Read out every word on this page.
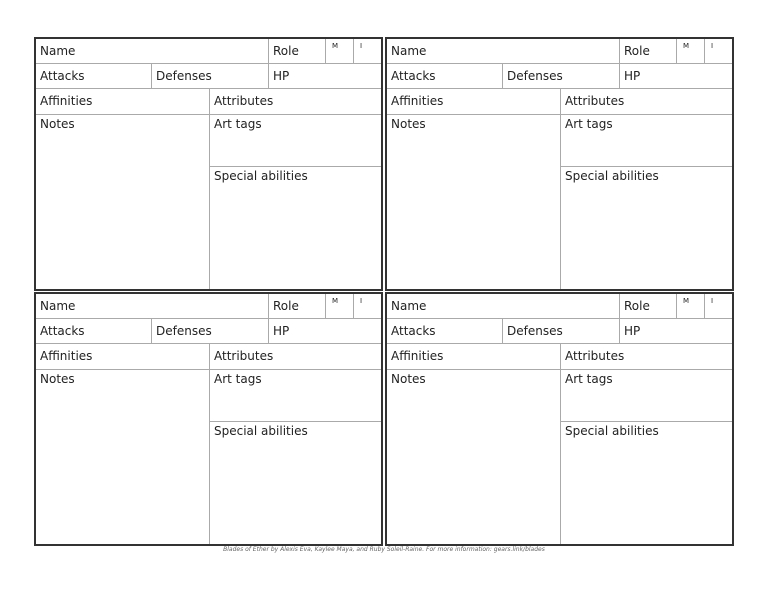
Name	Role	M	I
Attacks	Defenses	HP
Affinities	Attributes
Notes	Art tags
Special abilities
Name	Role	M	I
Attacks	Defenses	HP
Affinities	Attributes
Notes	Art tags
Special abilities
Name	Role	M	I
Attacks	Defenses	HP
Affinities	Attributes
Notes	Art tags
Special abilities
Name	Role	M	I
Attacks	Defenses	HP
Affinities	Attributes
Notes	Art tags
Special abilities
Blades of Ether by Alexis Eva, Kaylee Maya, and Ruby Soleil-Raine. For more information: gears.link/blades
